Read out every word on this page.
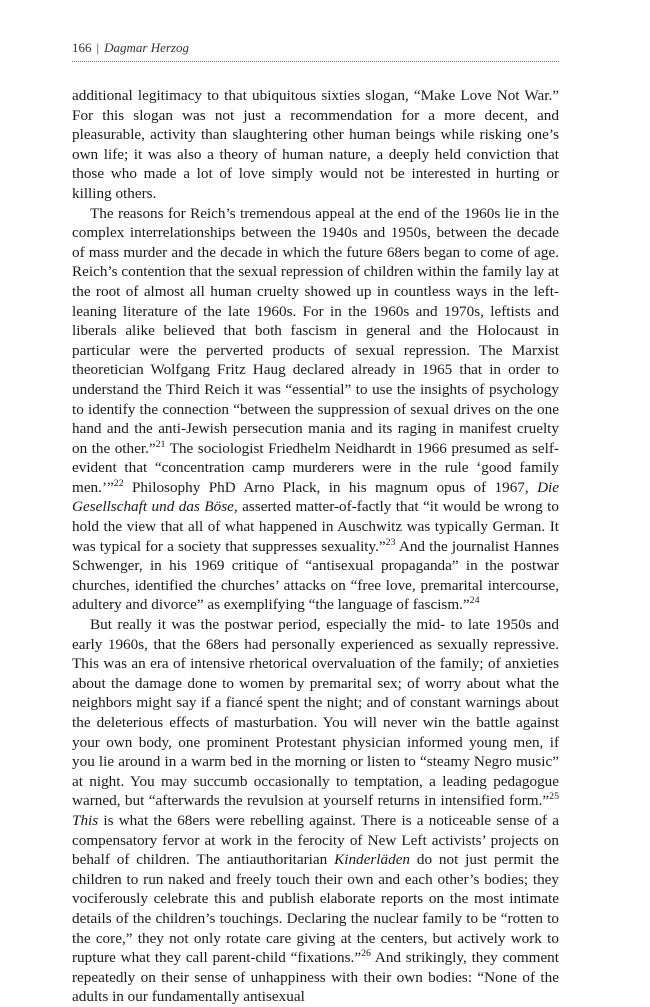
166 | Dagmar Herzog

additional legitimacy to that ubiquitous sixties slogan, “Make Love Not War.” For this slogan was not just a recommendation for a more decent, and pleasurable, activity than slaughtering other human beings while risking one’s own life; it was also a theory of human nature, a deeply held conviction that those who made a lot of love simply would not be interested in hurting or killing others.

The reasons for Reich’s tremendous appeal at the end of the 1960s lie in the complex interrelationships between the 1940s and 1950s, between the decade of mass murder and the decade in which the future 68ers began to come of age. Reich’s contention that the sexual repression of children within the family lay at the root of almost all human cruelty showed up in countless ways in the left-leaning literature of the late 1960s. For in the 1960s and 1970s, leftists and liberals alike believed that both fascism in general and the Holocaust in particular were the perverted products of sexual repression. The Marxist theoretician Wolfgang Fritz Haug declared already in 1965 that in order to understand the Third Reich it was “essential” to use the insights of psychology to identify the connection “between the suppression of sexual drives on the one hand and the anti-Jewish persecution mania and its raging in manifest cruelty on the other.”$^{21}$ The sociologist Friedhelm Neidhardt in 1966 presumed as self-evident that “concentration camp murderers were in the rule ‘good family men.’”$^{22}$ Philosophy PhD Arno Plack, in his magnum opus of 1967, Die Gesellschaft und das Böse, asserted matter-of-factly that “it would be wrong to hold the view that all of what happened in Auschwitz was typically German. It was typical for a society that suppresses sexuality.”$^{23}$ And the journalist Hannes Schwenger, in his 1969 critique of “antisexual propaganda” in the postwar churches, identified the churches’ attacks on “free love, premarital intercourse, adultery and divorce” as exemplifying “the language of fascism.”$^{24}$

But really it was the postwar period, especially the mid- to late 1950s and early 1960s, that the 68ers had personally experienced as sexually repressive. This was an era of intensive rhetorical overvaluation of the family; of anxieties about the damage done to women by premarital sex; of worry about what the neighbors might say if a fiancé spent the night; and of constant warnings about the deleterious effects of masturbation. You will never win the battle against your own body, one prominent Protestant physician informed young men, if you lie around in a warm bed in the morning or listen to “steamy Negro music” at night. You may succumb occasionally to temptation, a leading pedagogue warned, but “afterwards the revulsion at yourself returns in intensified form.”$^{25}$ This is what the 68ers were rebelling against. There is a noticeable sense of a compensatory fervor at work in the ferocity of New Left activists’ projects on behalf of children. The antiauthoritarian Kinderläden do not just permit the children to run naked and freely touch their own and each other’s bodies; they vociferously celebrate this and publish elaborate reports on the most intimate details of the children’s touchings. Declaring the nuclear family to be “rotten to the core,” they not only rotate care giving at the centers, but actively work to rupture what they call parent-child “fixations.”$^{26}$ And strikingly, they comment repeatedly on their sense of unhappiness with their own bodies: “None of the adults in our fundamentally antisexual
